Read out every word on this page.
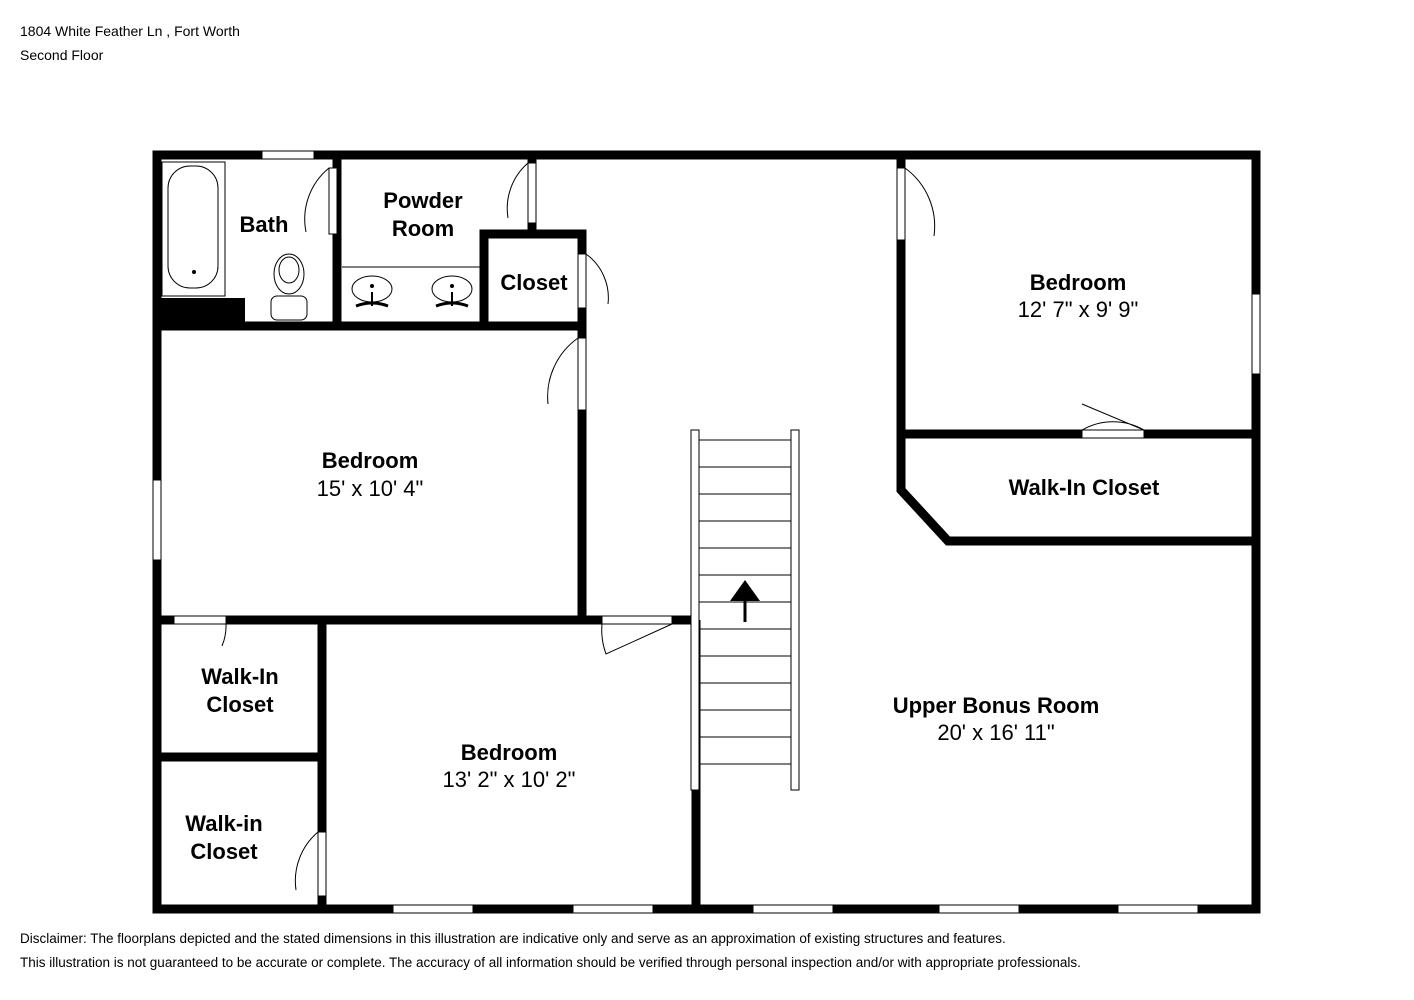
1804 White Feather Ln , Fort Worth
Second Floor
Bath
Powder
Room
Closet	Bedroom
12' 7" x 9' 9"
Bedroom
15' x 10' 4"	Walk-In Closet
Walk-In
Closet
Walk-in
Closet
Bedroom
13' 2" x 10' 2"
Upper Bonus Room
20' x 16' 11"
Disclaimer: The floorplans depicted and the stated dimensions in this illustration are indicative only and serve as an approximation of existing structures and features.
This illustration is not guaranteed to be accurate or complete. The accuracy of all information should be verified through personal inspection and/or with appropriate professionals.
